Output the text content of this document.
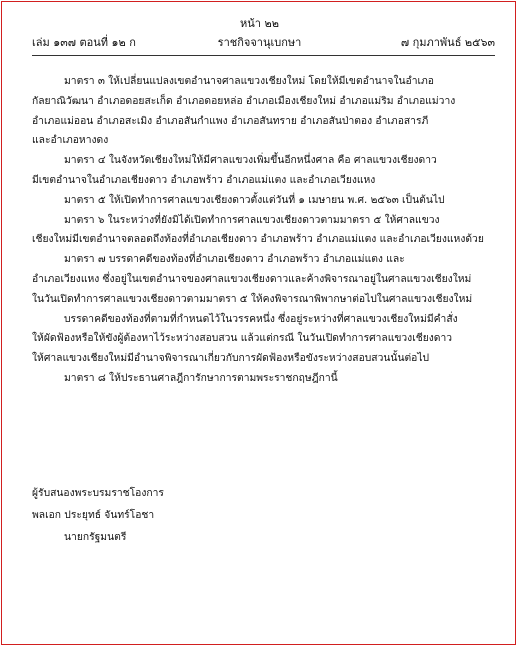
หน้า ๒๒
เล่ม ๑๓๗ ตอนที่ ๑๒ ก	ราชกิจจานุเบกษา	๗ กุมภาพันธ์ ๒๕๖๓
มาตรา ๓ ให้เปลี่ยนแปลงเขตอำนาจศาลแขวงเชียงใหม่ โดยให้มีเขตอำนาจในอำเภอ
กัลยาณิวัฒนา อำเภอดอยสะเก็ด อำเภอดอยหล่อ อำเภอเมืองเชียงใหม่ อำเภอแม่ริม อำเภอแม่วาง
อำเภอแม่ออน อำเภอสะเมิง อำเภอสันกำแพง อำเภอสันทราย อำเภอสันป่าตอง อำเภอสารภี
และอำเภอหางดง
มาตรา ๔ ในจังหวัดเชียงใหม่ให้มีศาลแขวงเพิ่มขึ้นอีกหนึ่งศาล คือ ศาลแขวงเชียงดาว
มีเขตอำนาจในอำเภอเชียงดาว อำเภอพร้าว อำเภอแม่แตง และอำเภอเวียงแหง
มาตรา ๕ ให้เปิดทำการศาลแขวงเชียงดาวตั้งแต่วันที่ ๑ เมษายน พ.ศ. ๒๕๖๓ เป็นต้นไป
มาตรา ๖ ในระหว่างที่ยังมิได้เปิดทำการศาลแขวงเชียงดาวตามมาตรา ๕ ให้ศาลแขวง
เชียงใหม่มีเขตอำนาจตลอดถึงท้องที่อำเภอเชียงดาว อำเภอพร้าว อำเภอแม่แตง และอำเภอเวียงแหงด้วย
มาตรา ๗ บรรดาคดีของท้องที่อำเภอเชียงดาว อำเภอพร้าว อำเภอแม่แตง และ
อำเภอเวียงแหง ซึ่งอยู่ในเขตอำนาจของศาลแขวงเชียงดาวและค้างพิจารณาอยู่ในศาลแขวงเชียงใหม่
ในวันเปิดทำการศาลแขวงเชียงดาวตามมาตรา ๕ ให้คงพิจารณาพิพากษาต่อไปในศาลแขวงเชียงใหม่
บรรดาคดีของท้องที่ตามที่กำหนดไว้ในวรรคหนึ่ง ซึ่งอยู่ระหว่างที่ศาลแขวงเชียงใหม่มีคำสั่ง
ให้ผัดฟ้องหรือให้ขังผู้ต้องหาไว้ระหว่างสอบสวน แล้วแต่กรณี ในวันเปิดทำการศาลแขวงเชียงดาว
ให้ศาลแขวงเชียงใหม่มีอำนาจพิจารณาเกี่ยวกับการผัดฟ้องหรือขังระหว่างสอบสวนนั้นต่อไป
มาตรา ๘ ให้ประธานศาลฎีการักษาการตามพระราชกฤษฎีกานี้
ผู้รับสนองพระบรมราชโองการ
พลเอก ประยุทธ์ จันทร์โอชา
นายกรัฐมนตรี
